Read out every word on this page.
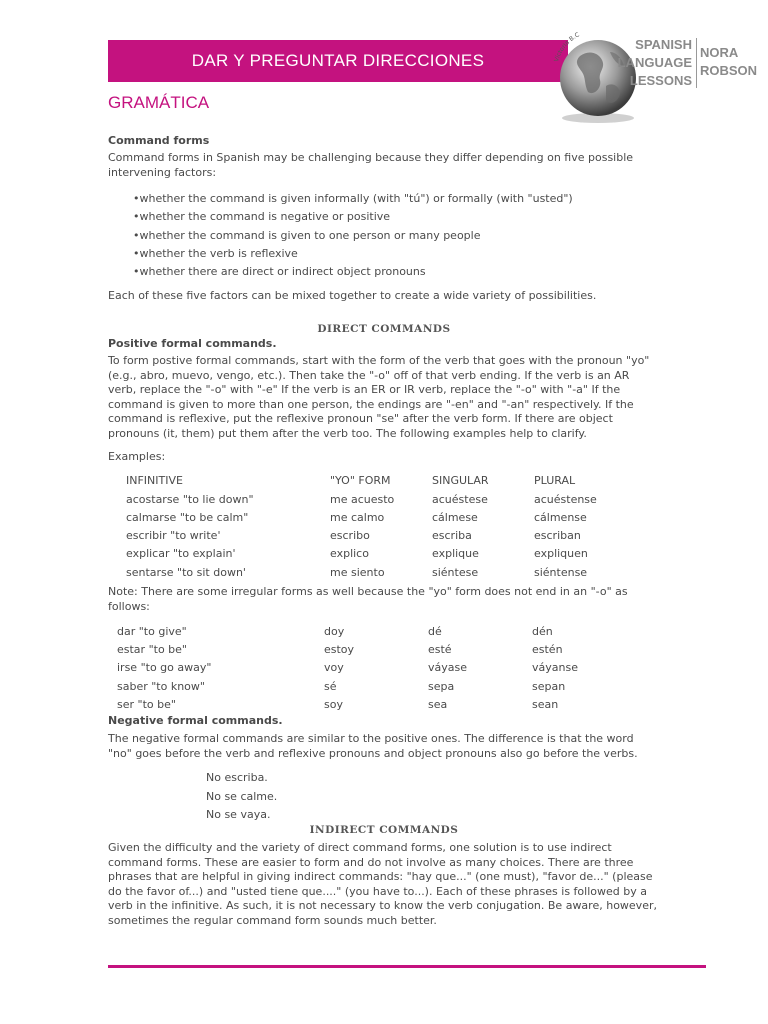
DAR Y PREGUNTAR DIRECCIONES	Victoria B.C
SPANISH
LANGUAGE
LESSONS
NORA
ROBSON
GRAMÁTICA
Command forms
Command forms in Spanish may be challenging because they differ depending on five possible intervening factors:
•whether the command is given informally (with "tú") or formally (with "usted")
•whether the command is negative or positive
•whether the command is given to one person or many people
•whether the verb is reflexive
•whether there are direct or indirect object pronouns
Each of these five factors can be mixed together to create a wide variety of possibilities.
DIRECT COMMANDS
Positive formal commands.
To form postive formal commands, start with the form of the verb that goes with the pronoun "yo" (e.g., abro, muevo, vengo, etc.). Then take the "-o" off of that verb ending. If the verb is an AR verb, replace the "-o" with "-e" If the verb is an ER or IR verb, replace the "-o" with "-a" If the command is given to more than one person, the endings are "-en" and "-an" respectively. If the command is reflexive, put the reflexive pronoun "se" after the verb form. If there are object pronouns (it, them) put them after the verb too. The following examples help to clarify.
Examples:
INFINITIVE	"YO" FORM	SINGULAR	PLURAL
acostarse "to lie down"	me acuesto	acuéstese	acuéstense
calmarse "to be calm"	me calmo	cálmese	cálmense
escribir "to write'	escribo	escriba	escriban
explicar "to explain'	explico	explique	expliquen
sentarse "to sit down'	me siento	siéntese	siéntense
Note: There are some irregular forms as well because the "yo" form does not end in an "-o" as follows:
dar "to give"	doy	dé	dén
estar "to be"	estoy	esté	estén
irse "to go away"	voy	váyase	váyanse
saber "to know"	sé	sepa	sepan
ser "to be"	soy	sea	sean
Negative formal commands.
The negative formal commands are similar to the positive ones. The difference is that the word "no" goes before the verb and reflexive pronouns and object pronouns also go before the verbs.
No escriba.
No se calme.
No se vaya.
INDIRECT COMMANDS
Given the difficulty and the variety of direct command forms, one solution is to use indirect command forms. These are easier to form and do not involve as many choices. There are three phrases that are helpful in giving indirect commands: "hay que..." (one must), "favor de..." (please do the favor of...) and "usted tiene que...." (you have to...). Each of these phrases is followed by a verb in the infinitive. As such, it is not necessary to know the verb conjugation. Be aware, however, sometimes the regular command form sounds much better.
